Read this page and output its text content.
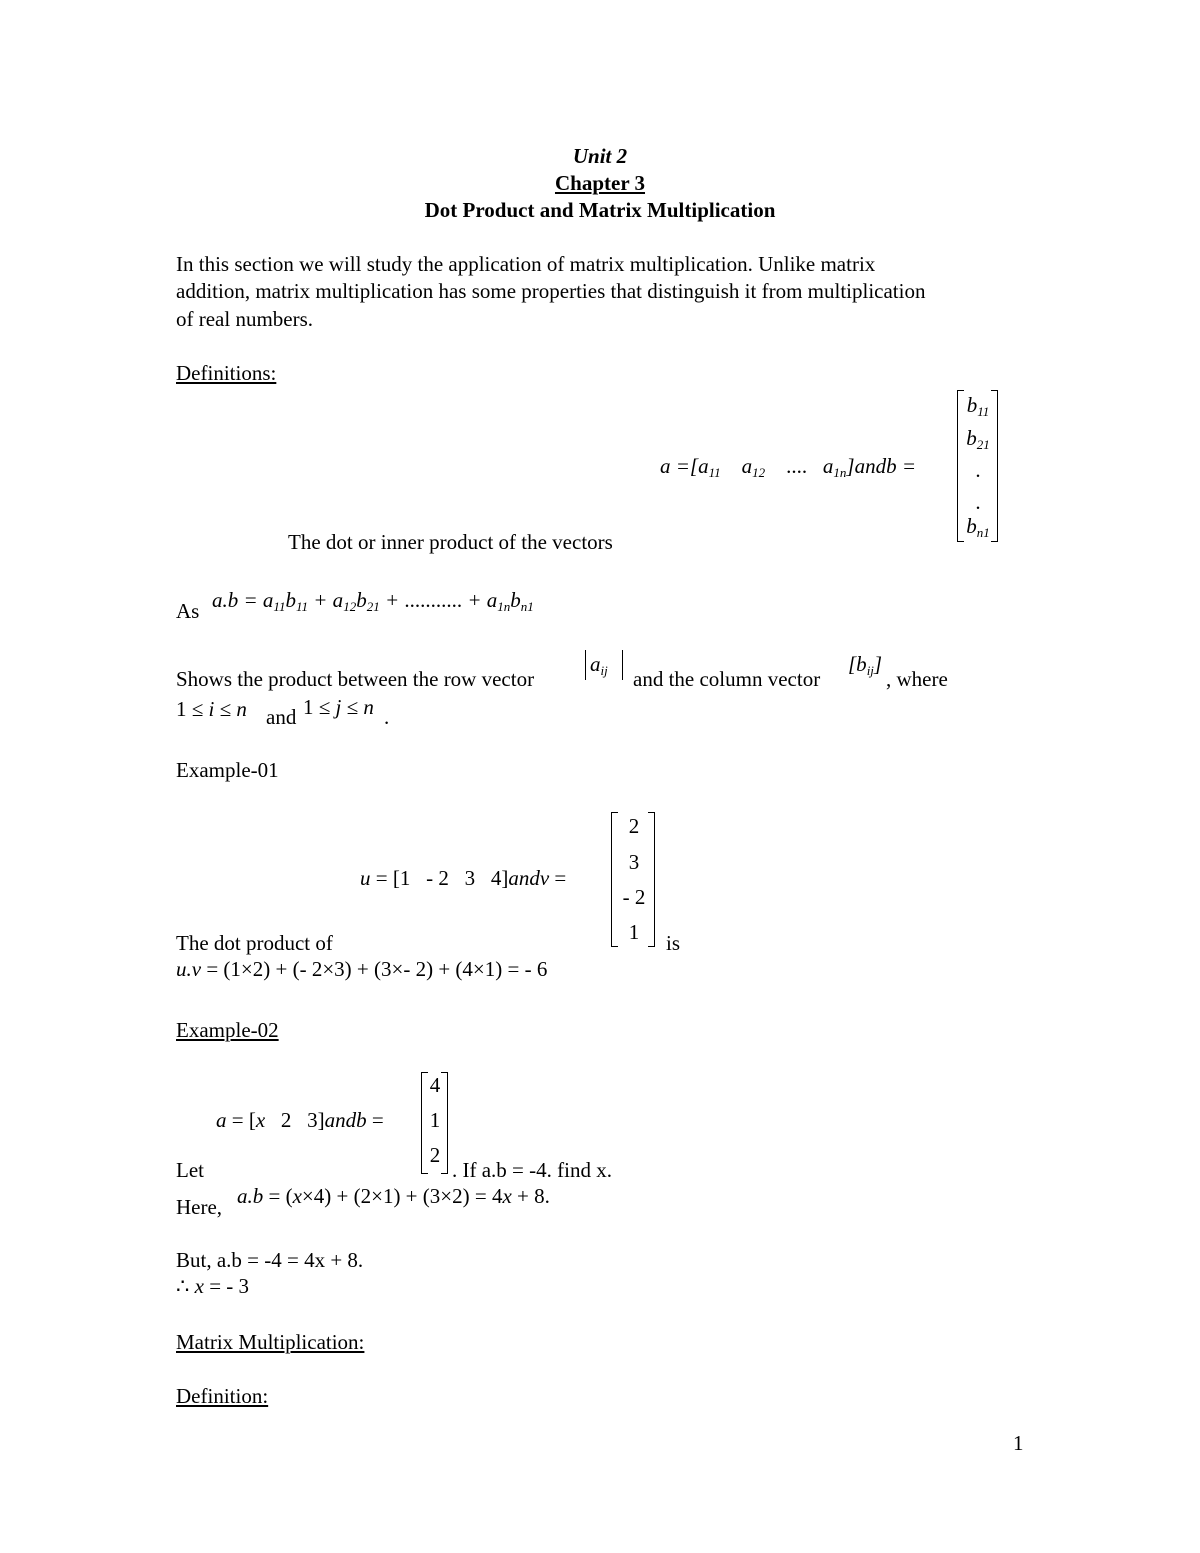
Unit 2
Chapter 3
Dot Product and Matrix Multiplication
In this section we will study the application of matrix multiplication. Unlike matrix
addition, matrix multiplication has some properties that distinguish it from multiplication
of real numbers.
Definitions:
$a =[a_{11}$ $a_{12}$ .... $a_{1n}]andb$ =
$b_{11}$
$b_{21}$
.
.
$b_{n1}$
The dot or inner product of the vectors
As $a.b = a_{11}b_{11} + a_{12}b_{21}$ + ........... + $a_{1n}b_{n1}$
Shows the product between the row vector
$a_{ij}$ and the column vector
$[b_{ij}]$
, where
1 ≤ i ≤ n and 1 ≤ j ≤ n .
Example-01
u = [1   - 2   3   4]andv =
2
3
- 2
1
The dot product of	is
u.v = (1×2) + (- 2×3) + (3×- 2) + (4×1) = - 6
Example-02
a = [x   2   3]andb =
4
1
2
Let	. If a.b = -4. find x.
Here, a.b = (x×4) + (2×1) + (3×2) = 4x + 8.
But, a.b = -4 = 4x + 8.
∴ x = - 3
Matrix Multiplication:
Definition:
1
